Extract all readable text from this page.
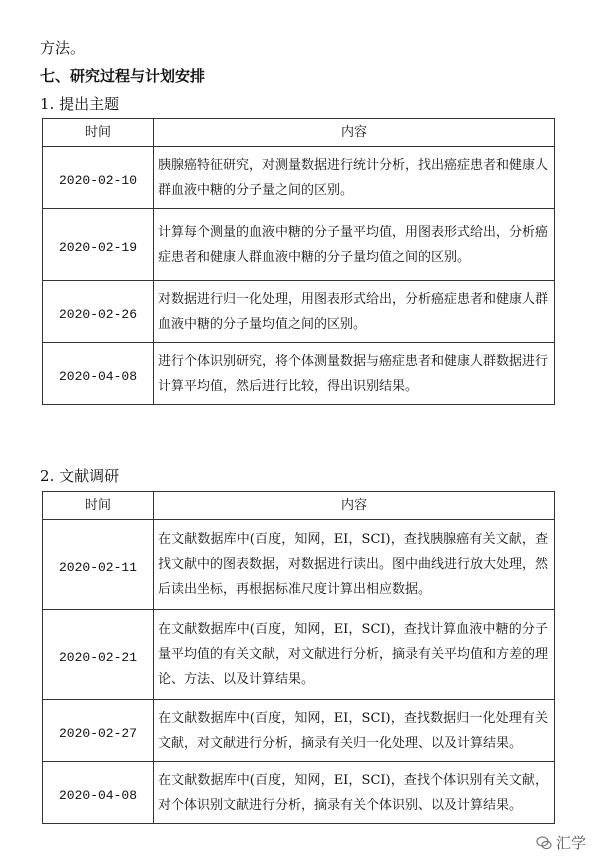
方法。
七、研究过程与计划安排
1. 提出主题
时间	内容

2020-02-10	胰腺癌特征研究，对测量数据进行统计分析，找出癌症患者和健康人群血液中糖的分子量之间的区别。

2020-02-19	计算每个测量的血液中糖的分子量平均值，用图表形式给出，分析癌症患者和健康人群血液中糖的分子量均值之间的区别。

2020-02-26	对数据进行归一化处理，用图表形式给出，分析癌症患者和健康人群血液中糖的分子量均值之间的区别。

2020-04-08	进行个体识别研究，将个体测量数据与癌症患者和健康人群数据进行计算平均值，然后进行比较，得出识别结果。
2. 文献调研
时间	内容

2020-02-11	在文献数据库中(百度，知网，EI，SCI)，查找胰腺癌有关文献，查找文献中的图表数据，对数据进行读出。图中曲线进行放大处理，然后读出坐标，再根据标准尺度计算出相应数据。

2020-02-21	在文献数据库中(百度，知网，EI，SCI)，查找计算血液中糖的分子量平均值的有关文献，对文献进行分析，摘录有关平均值和方差的理论、方法、以及计算结果。

2020-02-27	在文献数据库中(百度，知网，EI，SCI)，查找数据归一化处理有关文献，对文献进行分析，摘录有关归一化处理、以及计算结果。

2020-04-08	在文献数据库中(百度，知网，EI，SCI)，查找个体识别有关文献，对个体识别文献进行分析，摘录有关个体识别、以及计算结果。
汇学
